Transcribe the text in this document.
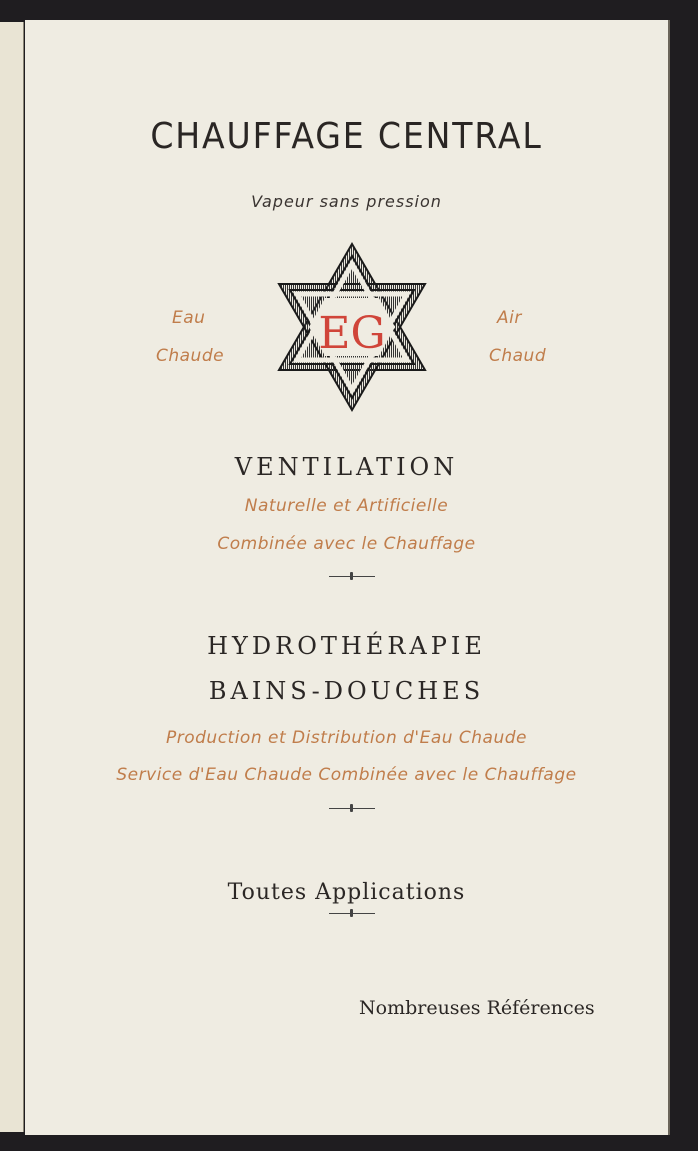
CHAUFFAGE CENTRAL
Vapeur sans pression
Eau
Chaude
Air
Chaud
EG
VENTILATION
Naturelle et Artificielle
Combinée avec le Chauffage
HYDROTHÉRAPIE
BAINS-DOUCHES
Production et Distribution d'Eau Chaude
Service d'Eau Chaude Combinée avec le Chauffage
Toutes Applications
Nombreuses Références
